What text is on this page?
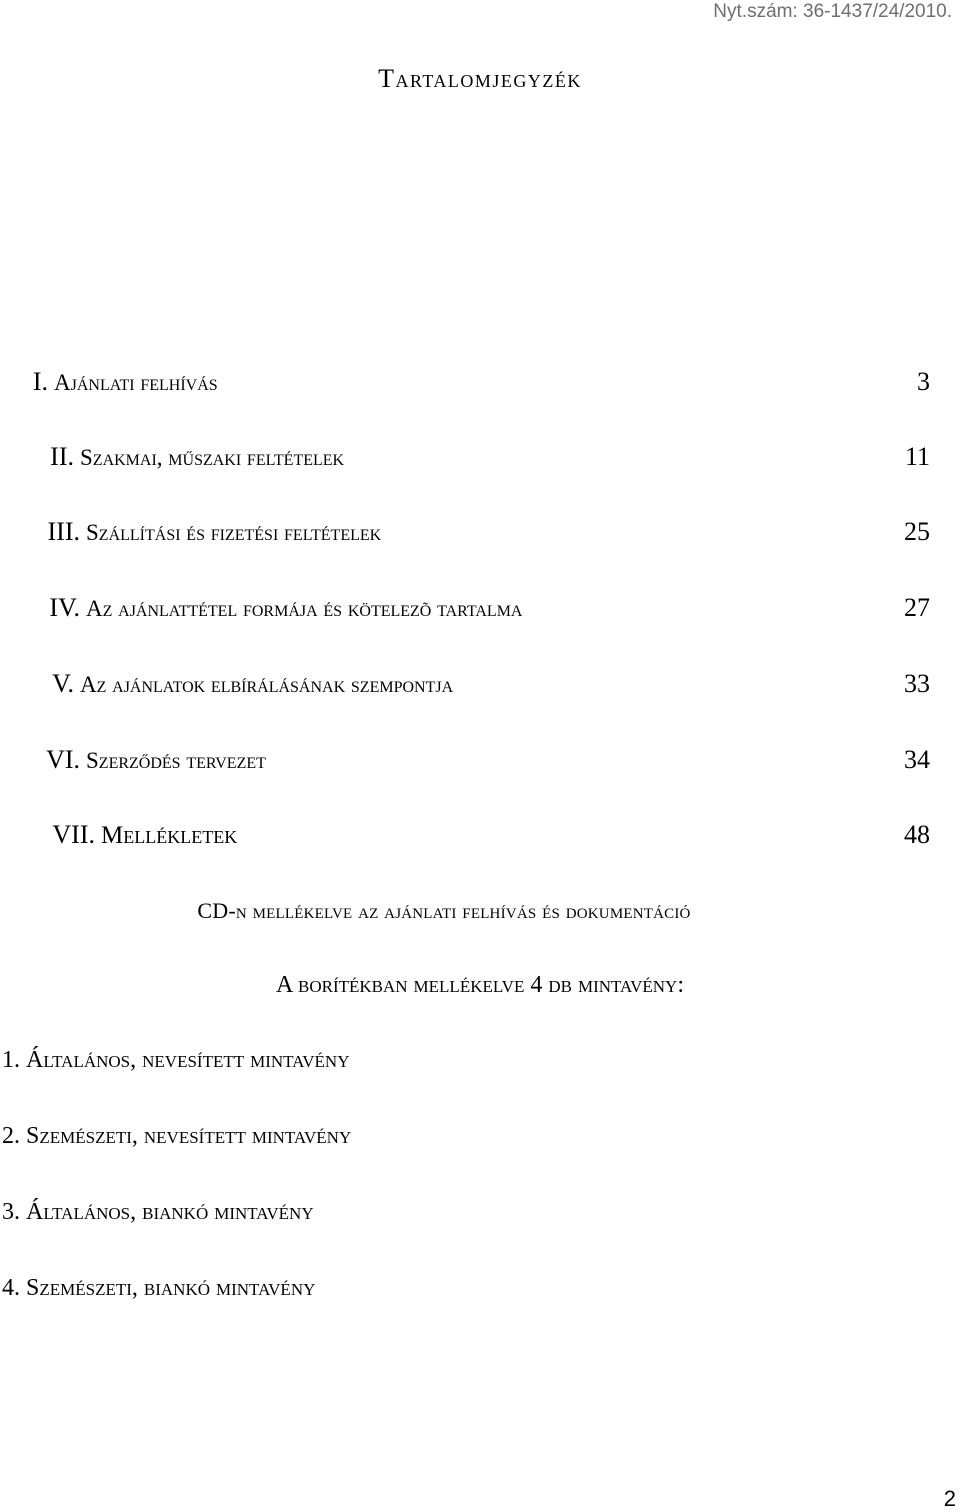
Nyt.szám: 36-1437/24/2010.
Tartalomjegyzék
I. Ajánlati felhívás	3
II. Szakmai, műszaki feltételek	11
III. Szállítási és fizetési feltételek	25
IV. Az ajánlattétel formája és kötelezõ tartalma	27
V. Az ajánlatok elbírálásának szempontja	33
VI. Szerződés tervezet	34
VII. Mellékletek	48
CD-n mellékelve az ajánlati felhívás és dokumentáció
A borítékban mellékelve 4 db mintavény:
1. Általános, nevesített mintavény
2. Szemészeti, nevesített mintavény
3. Általános, biankó mintavény
4. Szemészeti, biankó mintavény
2
